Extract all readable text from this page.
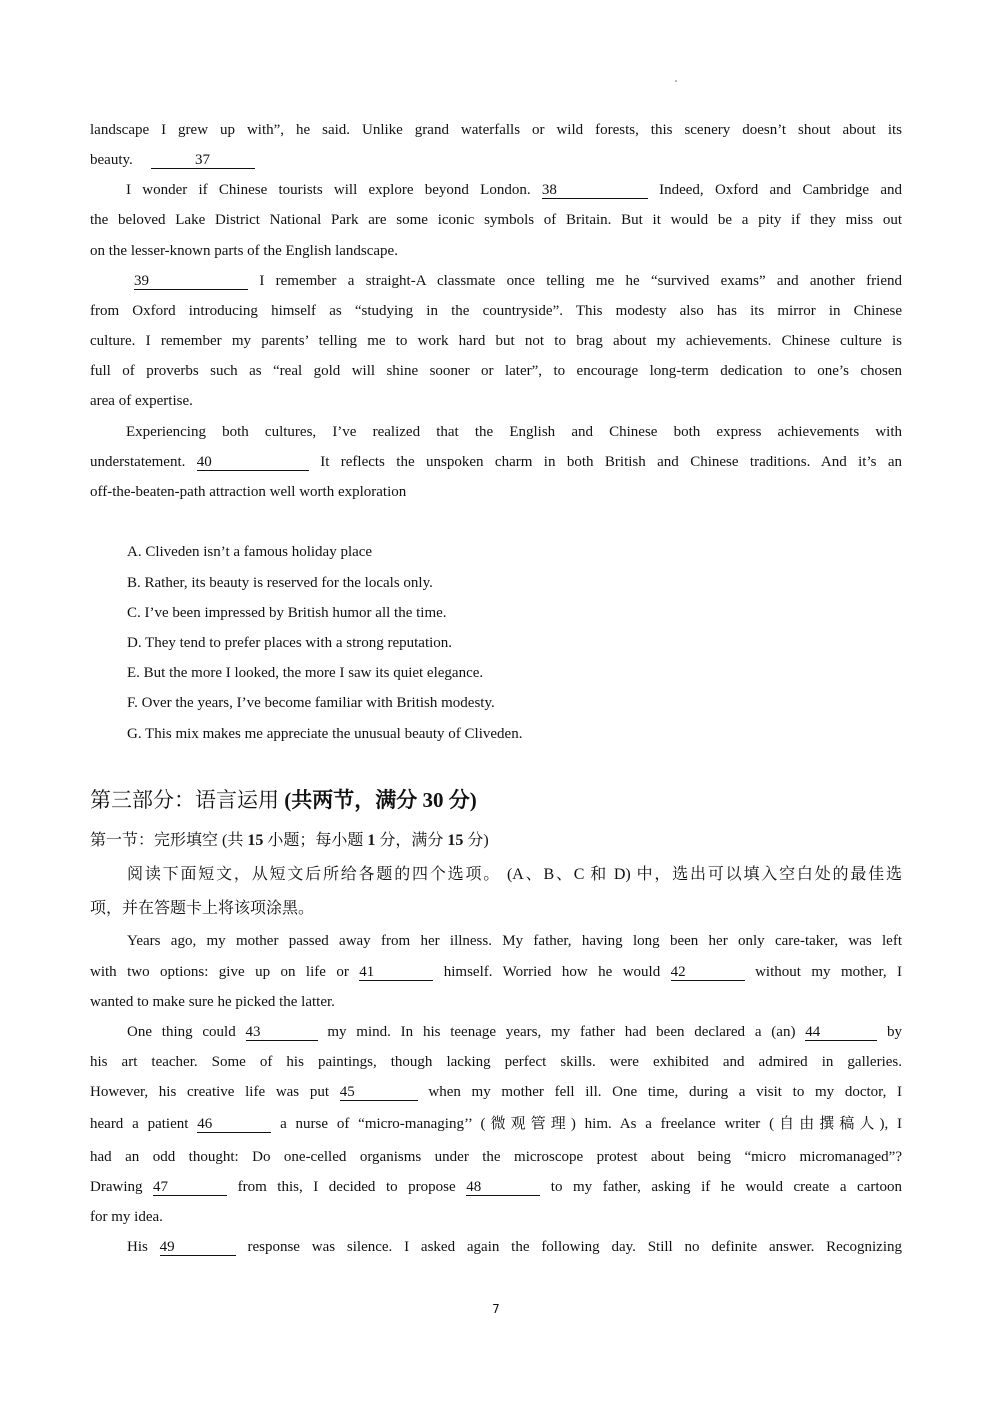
landscape I grew up with”, he said. Unlike grand waterfalls or wild forests, this scenery doesn’t shout about its
beauty.	37
I wonder if Chinese tourists will explore beyond London. 38	Indeed, Oxford and Cambridge and
the beloved Lake District National Park are some iconic symbols of Britain. But it would be a pity if they miss out
on the lesser-known parts of the English landscape.
39	I remember a straight-A classmate once telling me he “survived exams” and another friend
from Oxford introducing himself as “studying in the countryside”. This modesty also has its mirror in Chinese
culture. I remember my parents’ telling me to work hard but not to brag about my achievements. Chinese culture is
full of proverbs such as “real gold will shine sooner or later”, to encourage long-term dedication to one’s chosen
area of expertise.
Experiencing both cultures, I’ve realized that the English and Chinese both express achievements with
understatement. 40	It reflects the unspoken charm in both British and Chinese traditions. And it’s an
off-the-beaten-path attraction well worth exploration
A. Cliveden isn’t a famous holiday place
B. Rather, its beauty is reserved for the locals only.
C. I’ve been impressed by British humor all the time.
D. They tend to prefer places with a strong reputation.
E. But the more I looked, the more I saw its quiet elegance.
F. Over the years, I’ve become familiar with British modesty.
G. This mix makes me appreciate the unusual beauty of Cliveden.
第三部分：语言运用 (共两节，满分 30 分)
第一节：完形填空 (共 15 小题；每小题 1 分，满分 15 分)
阅读下面短文，从短文后所给各题的四个选项。 (A、B、C 和 D) 中，选出可以填入空白处的最佳选
项，并在答题卡上将该项涂黑。
Years ago, my mother passed away from her illness. My father, having long been her only care-taker, was left
with two options: give up on life or 41	himself. Worried how he would 42	without my mother, I
wanted to make sure he picked the latter.
One thing could 43	my mind. In his teenage years, my father had been declared a (an) 44	by
his art teacher. Some of his paintings, though lacking perfect skills. were exhibited and admired in galleries.
However, his creative life was put 45	when my mother fell ill. One time, during a visit to my doctor, I
heard a patient 46	a nurse of “micro-managing’’ (微观管理) him. As a freelance writer (自由撰稿人), I
had an odd thought: Do one-celled organisms under the microscope protest about being “micro micromanaged”?
Drawing 47	from this, I decided to propose 48	to my father, asking if he would create a cartoon
for my idea.
His 49	response was silence. I asked again the following day. Still no definite answer. Recognizing
7
